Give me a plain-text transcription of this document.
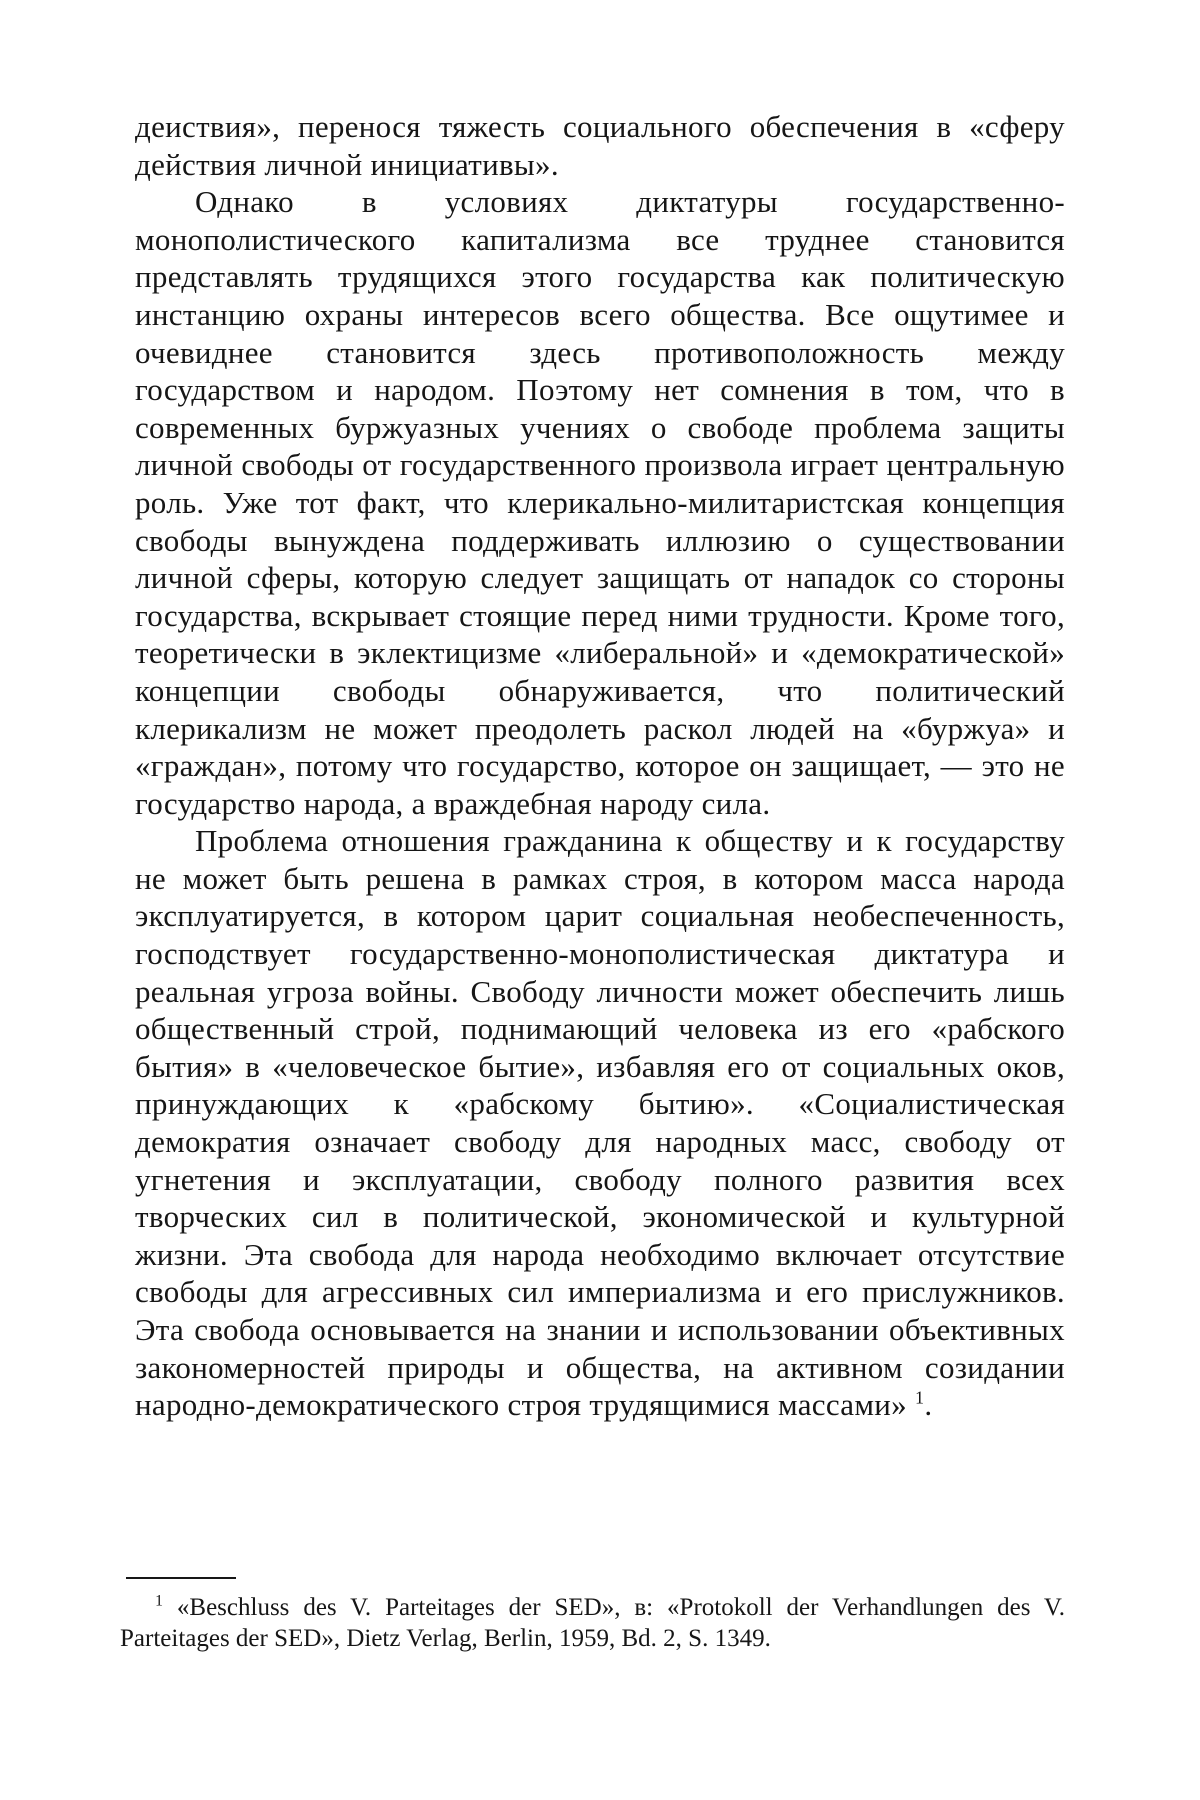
деиствия», перенося тяжесть социального обеспечения в «сферу действия личной инициативы».

Однако в условиях диктатуры государственно-монополистического капитализма все труднее становится представлять трудящихся этого государства как политическую инстанцию охраны интересов всего общества. Все ощутимее и очевиднее становится здесь противоположность между государством и народом. Поэтому нет сомнения в том, что в современных буржуазных учениях о свободе проблема защиты личной свободы от государственного произвола играет центральную роль. Уже тот факт, что клерикально-милитаристская концепция свободы вынуждена поддерживать иллюзию о существовании личной сферы, которую следует защищать от нападок со стороны государства, вскрывает стоящие перед ними трудности. Кроме того, теоретически в эклектицизме «либеральной» и «демократической» концепции свободы обнаруживается, что политический клерикализм не может преодолеть раскол людей на «буржуа» и «граждан», потому что государство, которое он защищает, — это не государство народа, а враждебная народу сила.

Проблема отношения гражданина к обществу и к государству не может быть решена в рамках строя, в котором масса народа эксплуатируется, в котором царит социальная необеспеченность, господствует государственно-монополистическая диктатура и реальная угроза войны. Свободу личности может обеспечить лишь общественный строй, поднимающий человека из его «рабского бытия» в «человеческое бытие», избавляя его от социальных оков, принуждающих к «рабскому бытию». «Социалистическая демократия означает свободу для народных масс, свободу от угнетения и эксплуатации, свободу полного развития всех творческих сил в политической, экономической и культурной жизни. Эта свобода для народа необходимо включает отсутствие свободы для агрессивных сил империализма и его прислужников. Эта свобода основывается на знании и использовании объективных закономерностей природы и общества, на активном созидании народно-демократического строя трудящимися массами» $^1$.

$^1$ «Beschluss des V. Parteitages der SED», в: «Protokoll der Verhandlungen des V. Parteitages der SED», Dietz Verlag, Berlin, 1959, Bd. 2, S. 1349.
